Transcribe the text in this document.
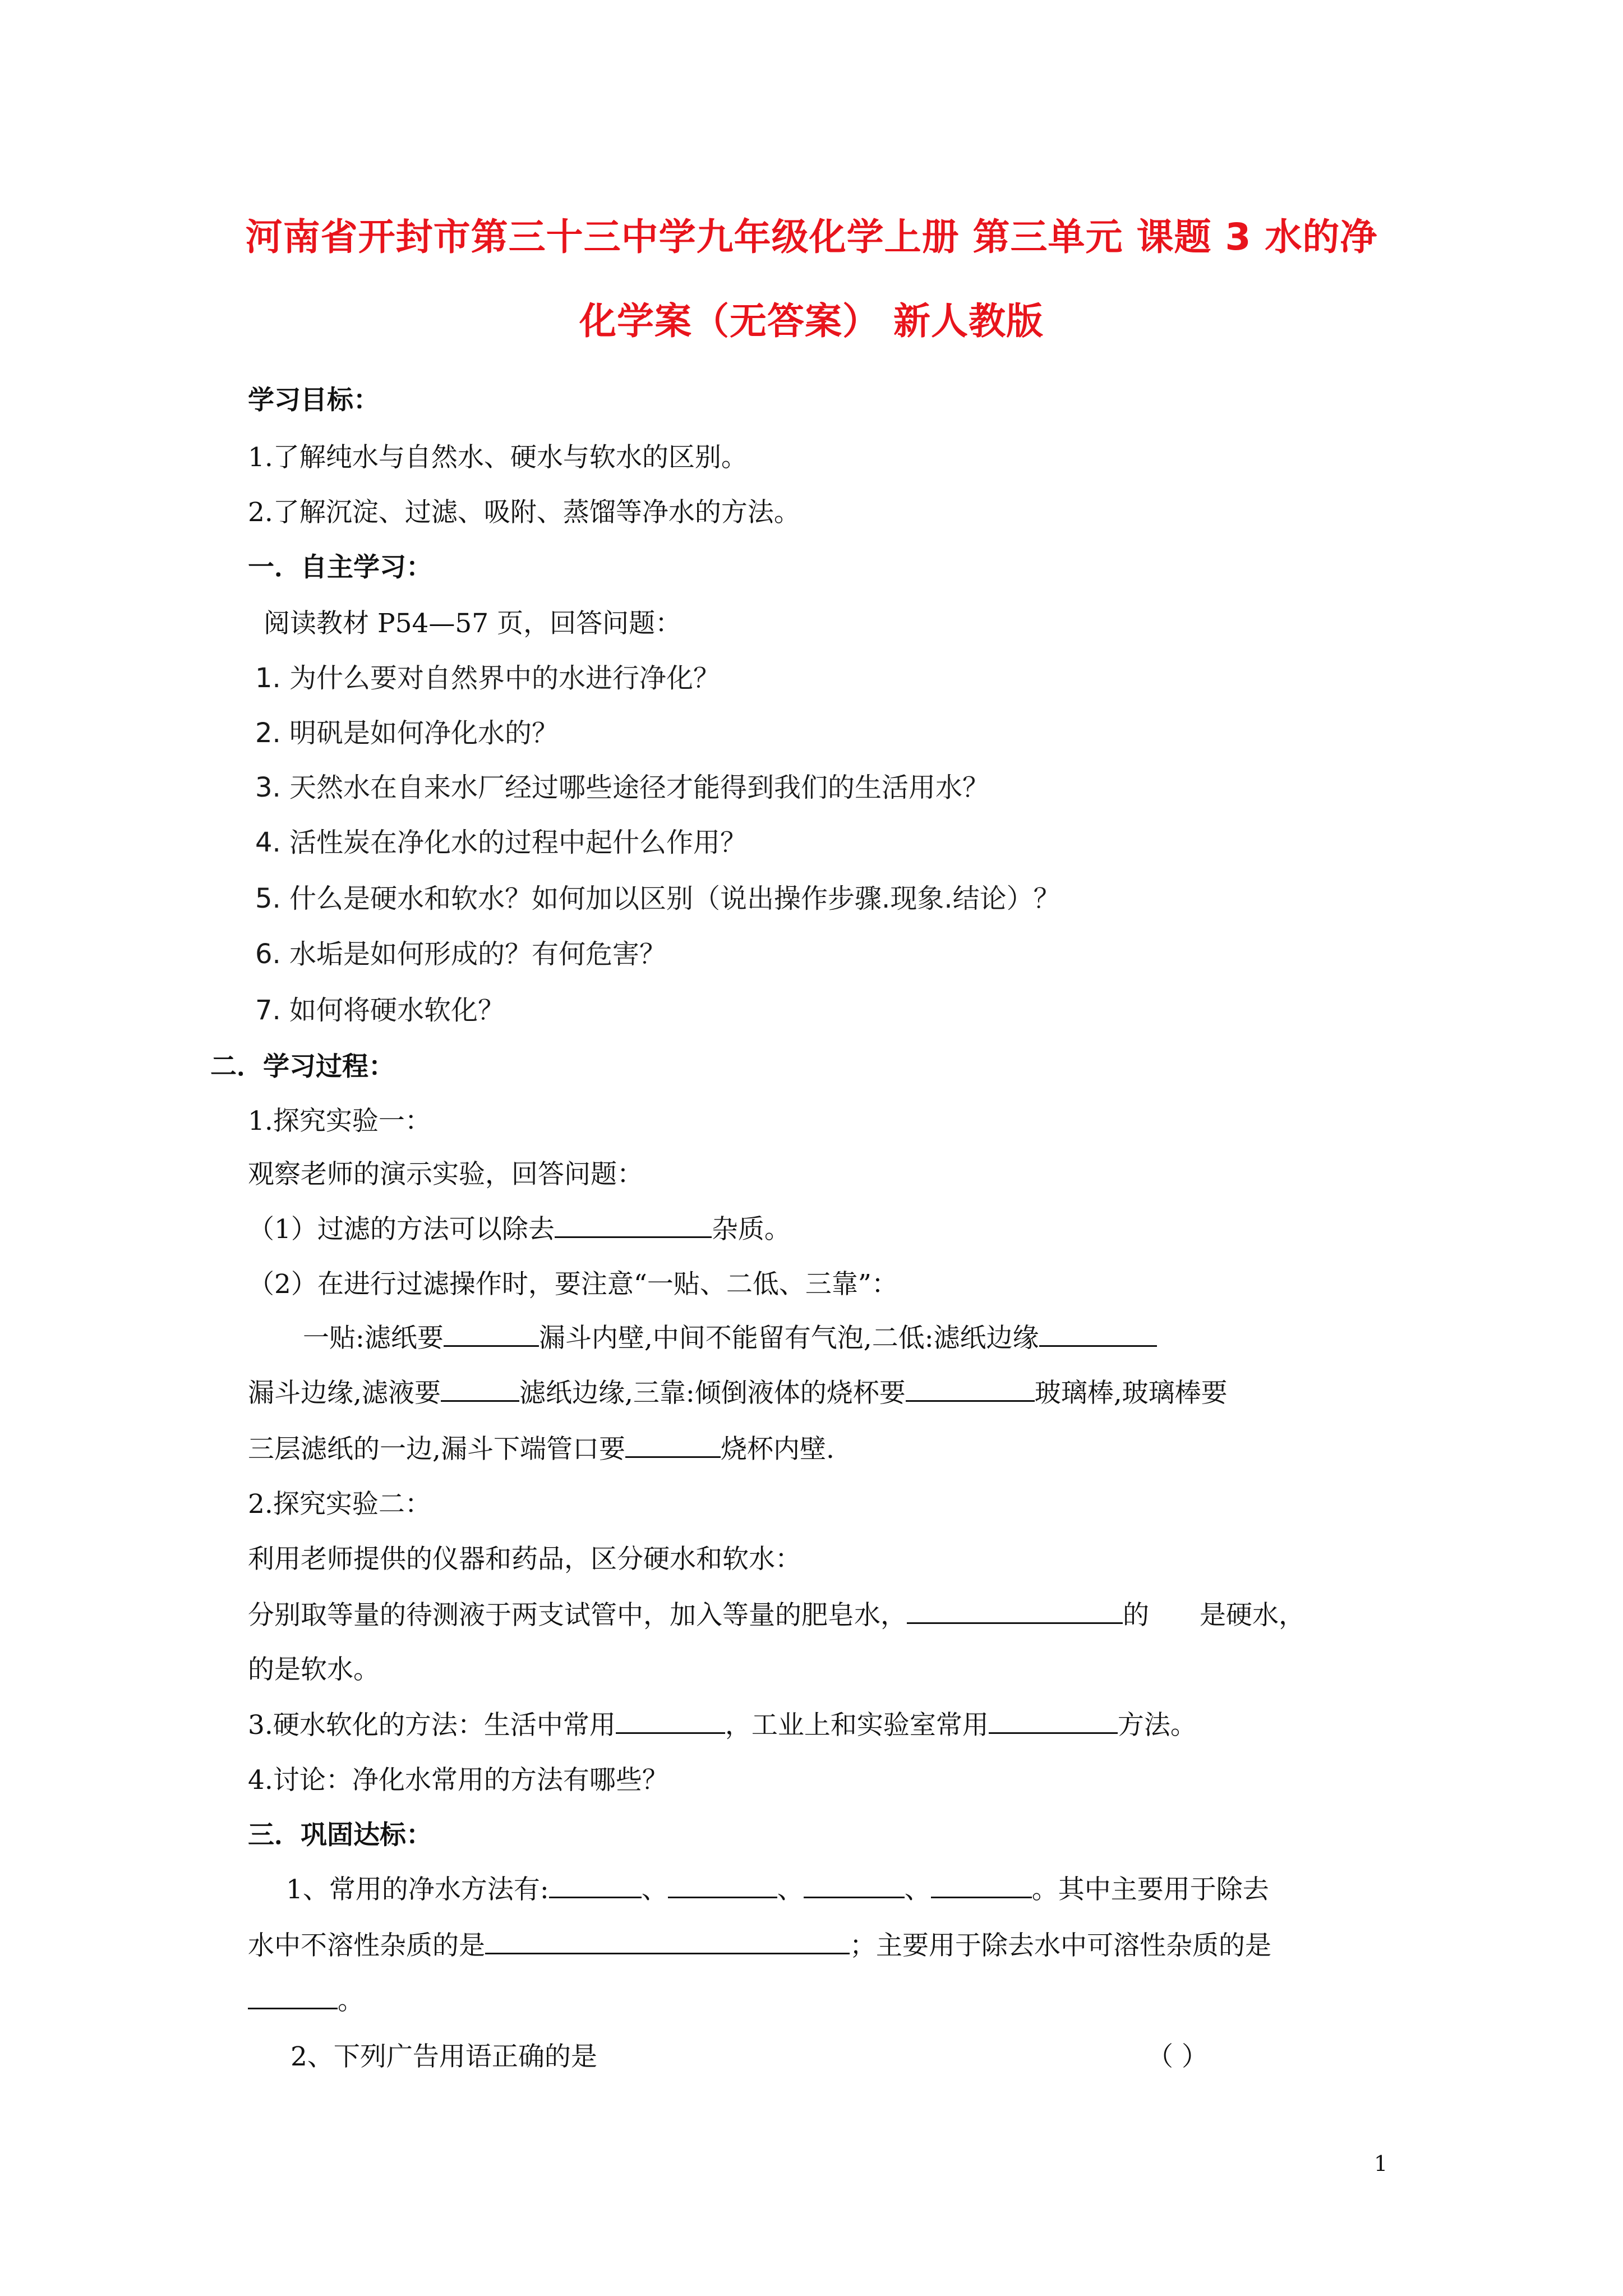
河南省开封市第三十三中学九年级化学上册 第三单元 课题 3 水的净
化学案（无答案） 新人教版
学习目标：
1.了解纯水与自然水、硬水与软水的区别。
2.了解沉淀、过滤、吸附、蒸馏等净水的方法。
一．自主学习：
阅读教材 P54—57 页，回答问题：
1. 为什么要对自然界中的水进行净化？
2. 明矾是如何净化水的？
3. 天然水在自来水厂经过哪些途径才能得到我们的生活用水？
4. 活性炭在净化水的过程中起什么作用？
5. 什么是硬水和软水？如何加以区别（说出操作步骤.现象.结论）？
6. 水垢是如何形成的？有何危害？
7. 如何将硬水软化？
二．学习过程：
1.探究实验一：
观察老师的演示实验，回答问题：
（1）过滤的方法可以除去	杂质。
（2）在进行过滤操作时，要注意“一贴、二低、三靠”：
一贴:滤纸要	漏斗内壁,中间不能留有气泡,二低:滤纸边缘
漏斗边缘,滤液要	滤纸边缘,三靠:倾倒液体的烧杯要	玻璃棒,玻璃棒要
三层滤纸的一边,漏斗下端管口要	烧杯内壁.
2.探究实验二：
利用老师提供的仪器和药品，区分硬水和软水：
分别取等量的待测液于两支试管中，加入等量的肥皂水，	的 是硬水，
的是软水。
3.硬水软化的方法：生活中常用	，工业上和实验室常用	方法。
4.讨论：净化水常用的方法有哪些？
三．巩固达标：
1、常用的净水方法有:	、	、	、	。其中主要用于除去
水中不溶性杂质的是	；主要用于除去水中可溶性杂质的是
。
2、下列广告用语正确的是	（ ）
1
